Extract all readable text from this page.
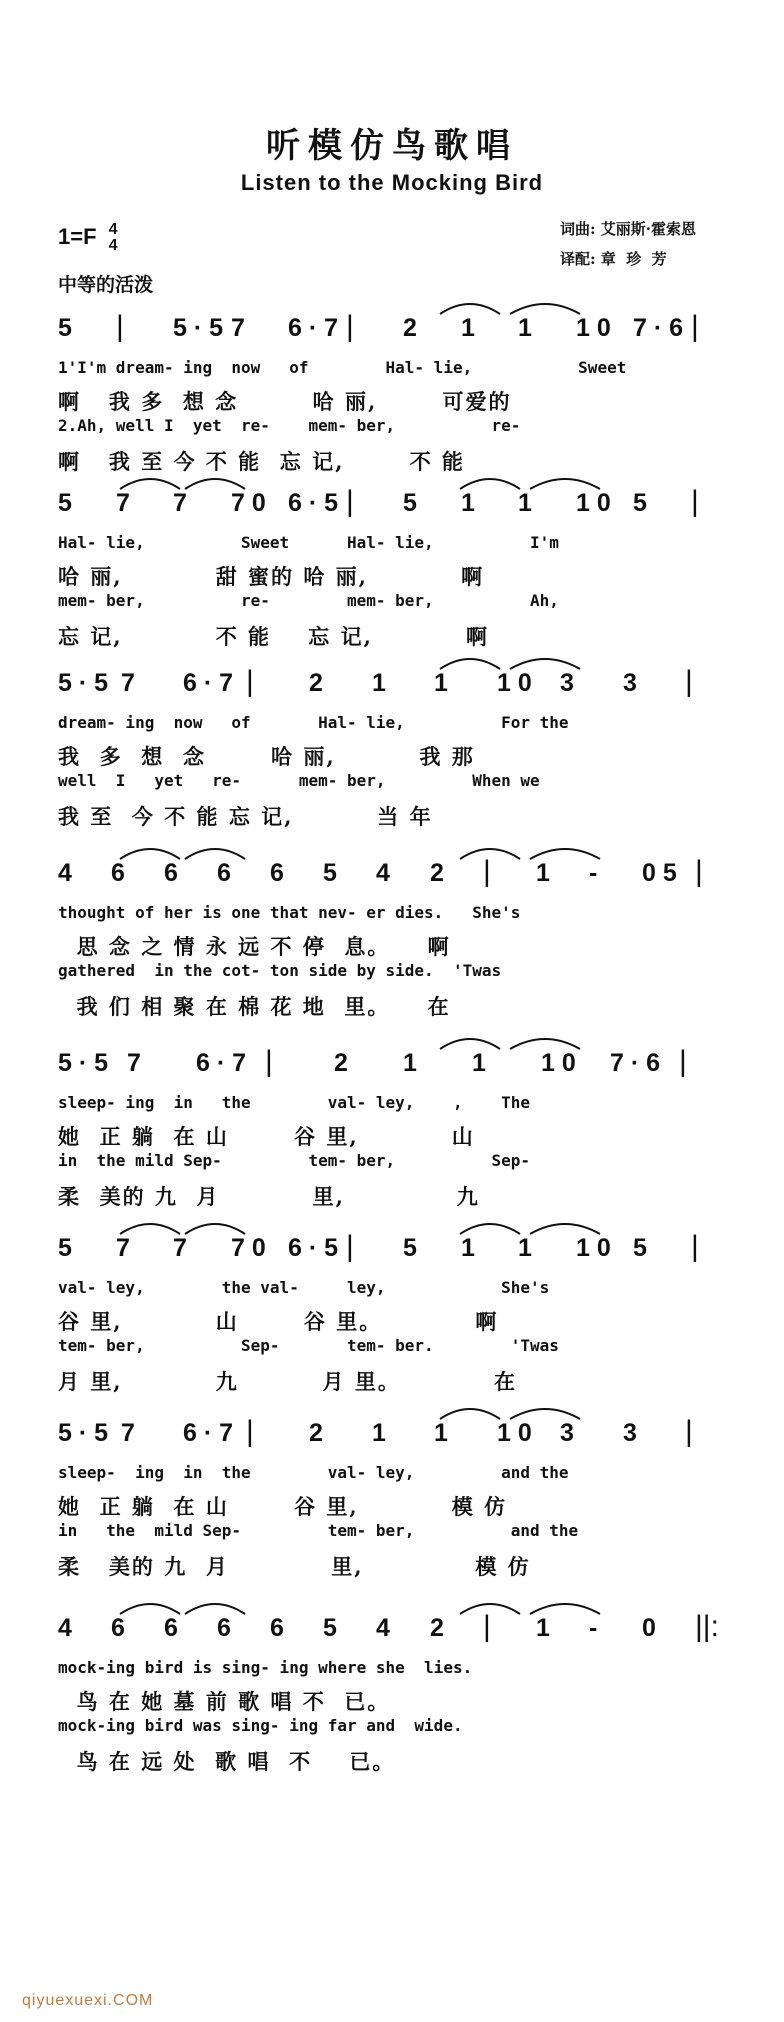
听模仿鸟歌唱
Listen to the Mocking Bird
词曲: 艾丽斯·霍索恩
译配: 章  珍  芳
1=F 4
4
中等的活泼
5 | 5 · 5 7 6 · 7 | 2 1 1 1 0 7 · 6 |
1'I'm dream- ing  now   of        Hal- lie,           Sweet
啊   我 多  想 念        哈 丽,       可爱的
2.Ah, well I  yet  re-    mem- ber,          re-
啊   我 至 今 不 能  忘 记,       不 能
5 7 7 7 0 6 · 5 | 5 1 1 1 0 5 |
Hal- lie,          Sweet      Hal- lie,          I'm
哈 丽,          甜 蜜的 哈 丽,          啊
mem- ber,          re-        mem- ber,          Ah,
忘 记,          不 能    忘 记,          啊
5 · 5 7 6 · 7 | 2 1 1 1 0 3 3 |
dream- ing  now   of       Hal- lie,          For the
我  多  想  念       哈 丽,         我 那
well  I   yet   re-      mem- ber,         When we
我 至  今 不 能 忘 记,         当 年
4 6 6 6 6 5 4 2 | 1 - 0 5 |
thought of her is one that nev- er dies.   She's
思 念 之 情 永 远 不 停  息。    啊
gathered  in the cot- ton side by side.  'Twas
我 们 相 聚 在 棉 花 地  里。    在
5 · 5 7 6 · 7 | 2 1 1 1 0 7 · 6 |
sleep- ing  in   the        val- ley,    ,    The
她  正 躺  在 山       谷 里,          山
in  the mild Sep-         tem- ber,          Sep-
柔  美的 九  月          里,            九
5 7 7 7 0 6 · 5 | 5 1 1 1 0 5 |
val- ley,        the val-     ley,            She's
谷 里,          山       谷 里。          啊
tem- ber,          Sep-       tem- ber.        'Twas
月 里,          九         月 里。          在
5 · 5 7 6 · 7 | 2 1 1 1 0 3 3 |
sleep-  ing  in  the        val- ley,         and the
她  正 躺  在 山       谷 里,          模 仿
in   the  mild Sep-         tem- ber,          and the
柔   美的 九  月           里,            模 仿
4 6 6 6 6 5 4 2 | 1 - 0 ||:
mock-ing bird is sing- ing where she  lies.
鸟 在 她 墓 前 歌 唱 不  已。
mock-ing bird was sing- ing far and  wide.
鸟 在 远 处  歌 唱  不    已。
qiyuexuexi.COM
